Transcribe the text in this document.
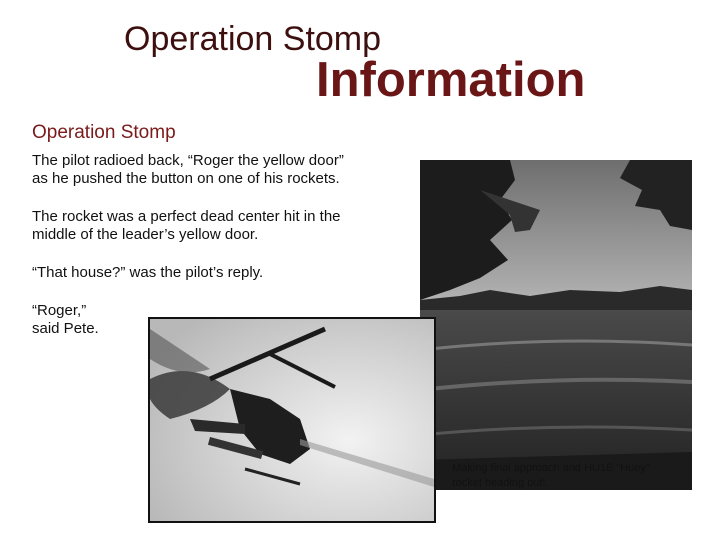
Operation Stomp
Information
Operation Stomp
The pilot radioed back, “Roger the yellow door”
as he pushed the button on one of his rockets.
The rocket was a perfect dead center hit in the
middle of the leader’s yellow door.
“That house?” was the pilot’s reply.
“Roger,”
said Pete.
Making final approach and HU1E “Huey”
rocket heading out!.
